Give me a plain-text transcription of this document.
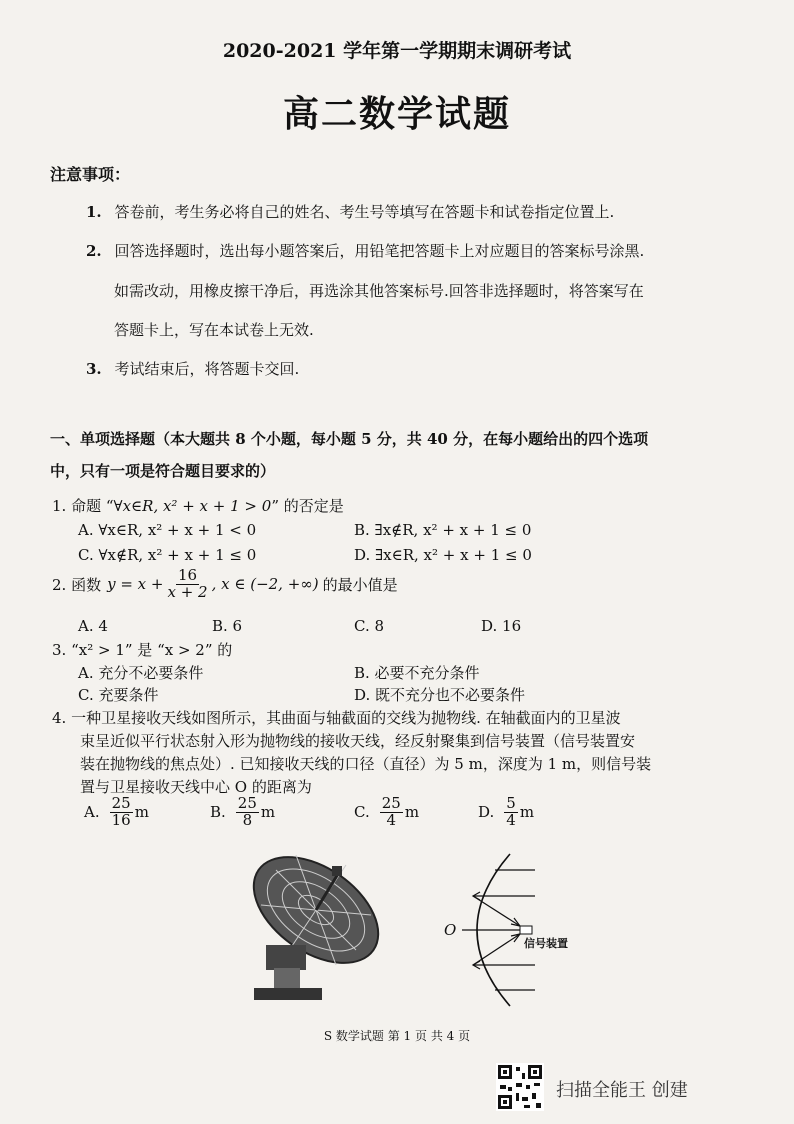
2020-2021 学年第一学期期末调研考试
高二数学试题
注意事项：
1. 答卷前，考生务必将自己的姓名、考生号等填写在答题卡和试卷指定位置上.
2. 回答选择题时，选出每小题答案后，用铅笔把答题卡上对应题目的答案标号涂黑.
如需改动，用橡皮擦干净后，再选涂其他答案标号.回答非选择题时，将答案写在
答题卡上，写在本试卷上无效.
3. 考试结束后，将答题卡交回.
一、单项选择题（本大题共 8 个小题，每小题 5 分，共 40 分，在每小题给出的四个选项
中，只有一项是符合题目要求的）
1. 命题 “∀x∈R, x² + x + 1 > 0” 的否定是
A. ∀x∈R, x² + x + 1 < 0	B. ∃x∉R, x² + x + 1 ≤ 0
C. ∀x∉R, x² + x + 1 ≤ 0	D. ∃x∈R, x² + x + 1 ≤ 0
2. 函数 $y = x + \frac{16}{x + 2}$ , x ∈ (−2, +∞) 的最小值是
A. 4	B. 6	C. 8	D. 16
3. “x² > 1” 是 “x > 2” 的
A. 充分不必要条件	B. 必要不充分条件
C. 充要条件	D. 既不充分也不必要条件
4. 一种卫星接收天线如图所示，其曲面与轴截面的交线为抛物线. 在轴截面内的卫星波
束呈近似平行状态射入形为抛物线的接收天线，经反射聚集到信号装置（信号装置安
装在抛物线的焦点处）. 已知接收天线的口径（直径）为 5 m，深度为 1 m，则信号装
置与卫星接收天线中心 O 的距离为
A. $\frac{25}{16}$ m	B. $\frac{25}{8}$ m	C. $\frac{25}{4}$ m	D. $\frac{5}{4}$ m
O
信号装置
S 数学试题 第 1 页 共 4 页
扫描全能王 创建
